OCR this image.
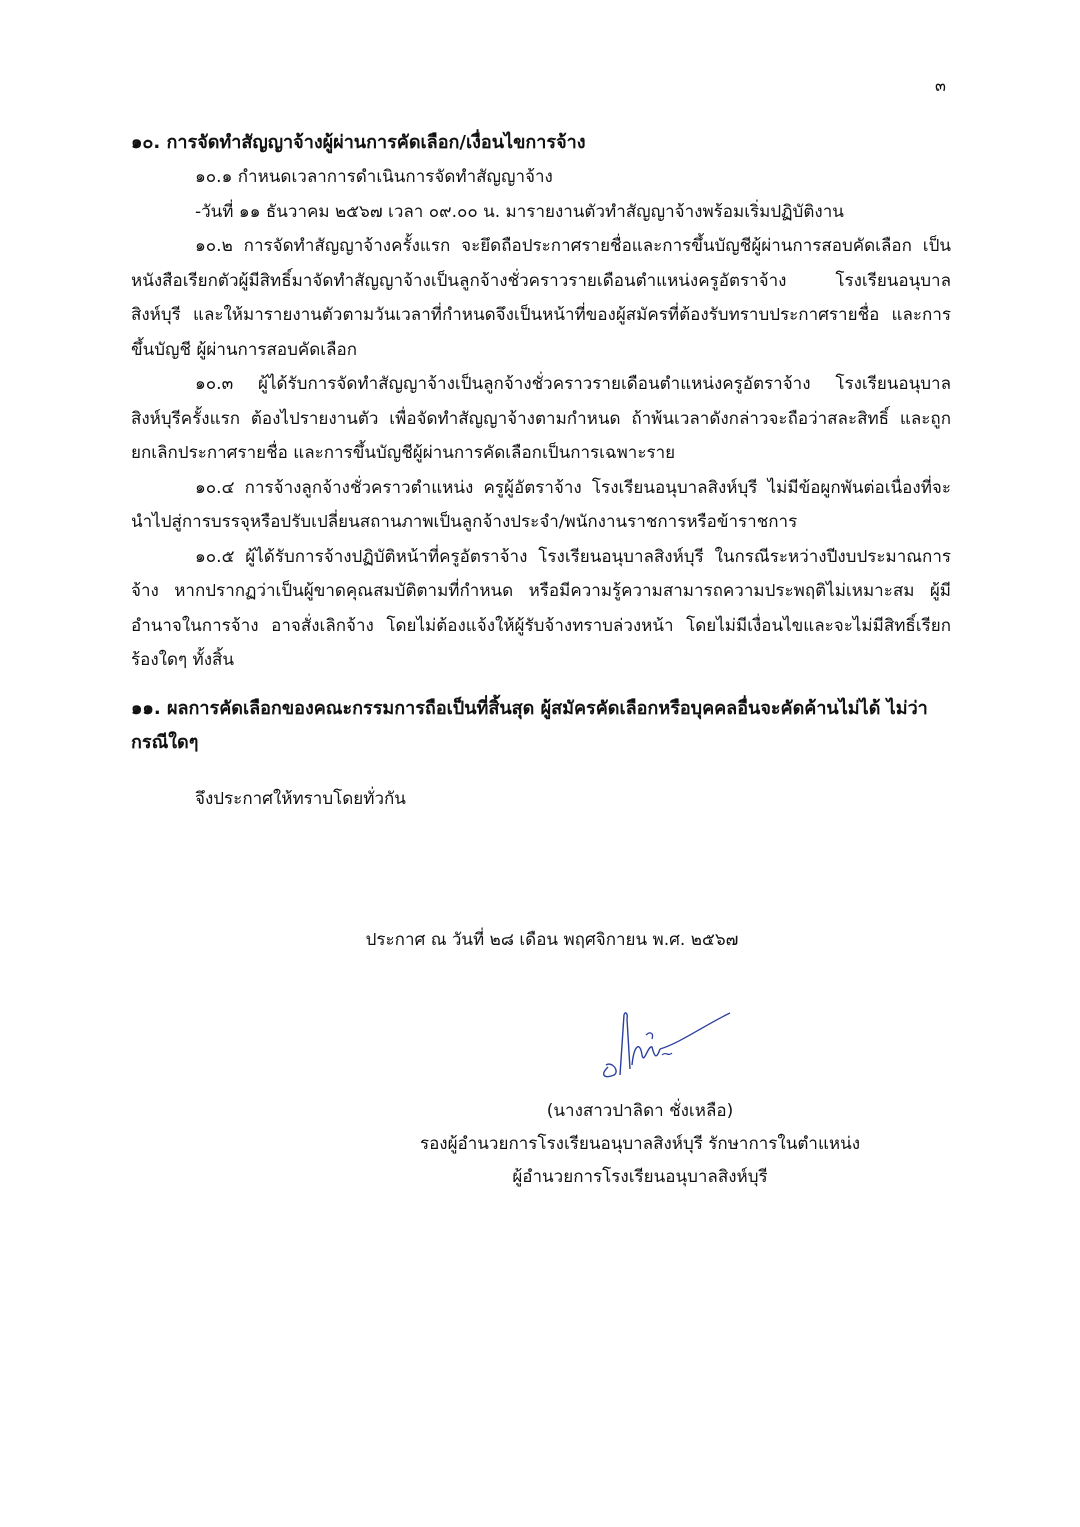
๓

๑๐. การจัดทำสัญญาจ้างผู้ผ่านการคัดเลือก/เงื่อนไขการจ้าง

๑๐.๑ กำหนดเวลาการดำเนินการจัดทำสัญญาจ้าง

-วันที่ ๑๑ ธันวาคม ๒๕๖๗ เวลา ๐๙.๐๐ น. มารายงานตัวทำสัญญาจ้างพร้อมเริ่มปฏิบัติงาน

๑๐.๒ การจัดทำสัญญาจ้างครั้งแรก จะยึดถือประกาศรายชื่อและการขึ้นบัญชีผู้ผ่านการสอบคัดเลือก เป็นหนังสือเรียกตัวผู้มีสิทธิ์มาจัดทำสัญญาจ้างเป็นลูกจ้างชั่วคราวรายเดือนตำแหน่งครูอัตราจ้าง โรงเรียนอนุบาลสิงห์บุรี และให้มารายงานตัวตามวันเวลาที่กำหนดจึงเป็นหน้าที่ของผู้สมัครที่ต้องรับทราบประกาศรายชื่อ และการขึ้นบัญชี ผู้ผ่านการสอบคัดเลือก

๑๐.๓ ผู้ได้รับการจัดทำสัญญาจ้างเป็นลูกจ้างชั่วคราวรายเดือนตำแหน่งครูอัตราจ้าง โรงเรียนอนุบาลสิงห์บุรีครั้งแรก ต้องไปรายงานตัว เพื่อจัดทำสัญญาจ้างตามกำหนด ถ้าพ้นเวลาดังกล่าวจะถือว่าสละสิทธิ์ และถูกยกเลิกประกาศรายชื่อ และการขึ้นบัญชีผู้ผ่านการคัดเลือกเป็นการเฉพาะราย

๑๐.๔ การจ้างลูกจ้างชั่วคราวตำแหน่ง ครูผู้อัตราจ้าง โรงเรียนอนุบาลสิงห์บุรี ไม่มีข้อผูกพันต่อเนื่องที่จะนำไปสู่การบรรจุหรือปรับเปลี่ยนสถานภาพเป็นลูกจ้างประจำ/พนักงานราชการหรือข้าราชการ

๑๐.๕ ผู้ได้รับการจ้างปฏิบัติหน้าที่ครูอัตราจ้าง โรงเรียนอนุบาลสิงห์บุรี ในกรณีระหว่างปีงบประมาณการจ้าง หากปรากฏว่าเป็นผู้ขาดคุณสมบัติตามที่กำหนด หรือมีความรู้ความสามารถความประพฤติไม่เหมาะสม ผู้มีอำนาจในการจ้าง อาจสั่งเลิกจ้าง โดยไม่ต้องแจ้งให้ผู้รับจ้างทราบล่วงหน้า โดยไม่มีเงื่อนไขและจะไม่มีสิทธิ์เรียกร้องใดๆ ทั้งสิ้น

๑๑. ผลการคัดเลือกของคณะกรรมการถือเป็นที่สิ้นสุด ผู้สมัครคัดเลือกหรือบุคคลอื่นจะคัดค้านไม่ได้ ไม่ว่ากรณีใดๆ

จึงประกาศให้ทราบโดยทั่วกัน

ประกาศ ณ วันที่ ๒๘ เดือน พฤศจิกายน พ.ศ. ๒๕๖๗
(นางสาวปาลิดา ชั่งเหลือ)
รองผู้อำนวยการโรงเรียนอนุบาลสิงห์บุรี รักษาการในตำแหน่ง
ผู้อำนวยการโรงเรียนอนุบาลสิงห์บุรี
